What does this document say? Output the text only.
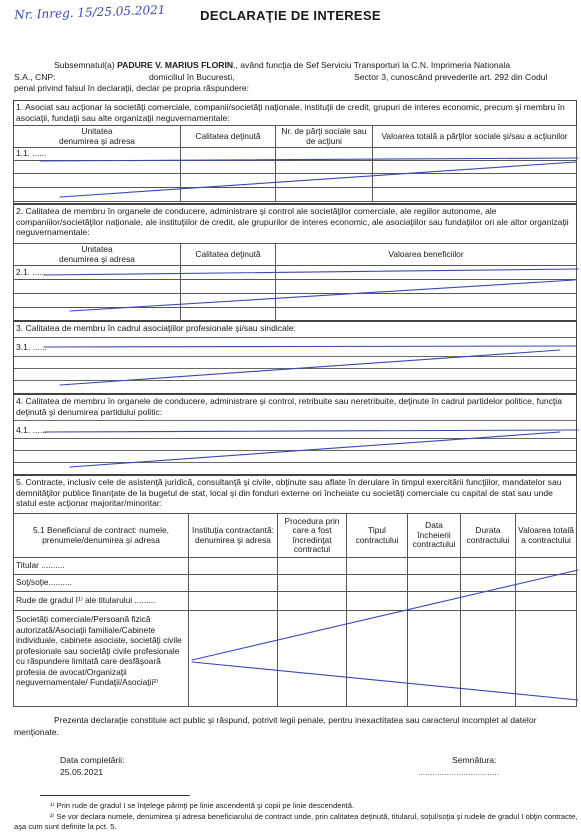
Nr. Inreg. 15/25.05.2021	DECLARAŢIE DE INTERESE
Subsemnatul(a) PADURE V. MARIUS FLORIN., având funcţia de Sef Serviciu Transporturi la C.N. Imprimeria Nationala
S.A., CNP:	domiciliul în Bucuresti,	Sector 3, cunoscând prevederile art. 292 din Codul
penal privind falsul în declaraţii, declar pe propria răspundere:
1. Asociat sau acţionar la societăţi comerciale, companii/societăţi naţionale, instituţii de credit, grupuri de interes economic, precum şi membru în asociaţii, fundaţii sau alte organizaţii neguvernamentale:
Unitatea
denumirea şi adresa	Calitatea deţinută	Nr. de părţi sociale sau de acţiuni	Valoarea totală a părţilor sociale şi/sau a acţiunilor
1.1. ......			

2. Calitatea de membru în organele de conducere, administrare şi control ale societăţilor comerciale, ale regiilor autonome, ale companiilor/societăţilor naţionale, ale instituţiilor de credit, ale grupurilor de interes economic, ale asociaţiilor sau fundaţiilor ori ale altor organizaţii neguvernamentale:
Unitatea
denumirea şi adresa	Calitatea deţinută	Valoarea beneficiilor
2.1. ......		

3. Calitatea de membru în cadrul asociaţiilor profesionale şi/sau sindicale:
3.1. ......
4. Calitatea de membru în organele de conducere, administrare şi control, retribuite sau neretribuite, deţinute în cadrul partidelor politice, funcţia deţinută şi denumirea partidului politic:
4.1. ......
5. Contracte, inclusiv cele de asistenţă juridică, consultanţă şi civile, obţinute sau aflate în derulare în timpul exercitării funcţiilor, mandatelor sau demnităţilor publice finanţate de la bugetul de stat, local şi din fonduri externe ori încheiate cu societăţi comerciale cu capital de stat sau unde statul este acţionar majoritar/minoritar:
5.1 Beneficiarul de contract: numele, prenumele/denumirea şi adresa	Instituţia contractantă: denumirea şi adresa	Procedura prin care a fost încredinţat contractul	Tipul contractului	Data încheierii contractului	Durata contractului	Valoarea totală a contractului
Titular ..........						
Soţ/soţie..........						
Rude de gradul I¹⁾ ale titularului .........						
Societăţi comerciale/Persoană fizică autorizată/Asociaţii familiale/Cabinete individuale, cabinete asociate, societăţi civile profesionale sau societăţi civile profesionale cu răspundere limitată care desfăşoară profesia de avocat/Organizaţii neguvernamentale/ Fundaţii/Asociaţii²⁾						
Prezenta declaraţie constituie act public şi răspund, potrivit legii penale, pentru inexactitatea sau caracterul incomplet al datelor menţionate.
Data completării:
25.05.2021
Semnătura:
..................................
¹⁾ Prin rude de gradul I se înţelege părinţi pe linie ascendentă şi copii pe linie descendentă.
²⁾ Se vor declara numele, denumirea şi adresa beneficiarului de contract unde, prin calitatea deţinută, titularul, soţul/soţia şi rudele de gradul I obţin contracte, aşa cum sunt definite la pct. 5.
